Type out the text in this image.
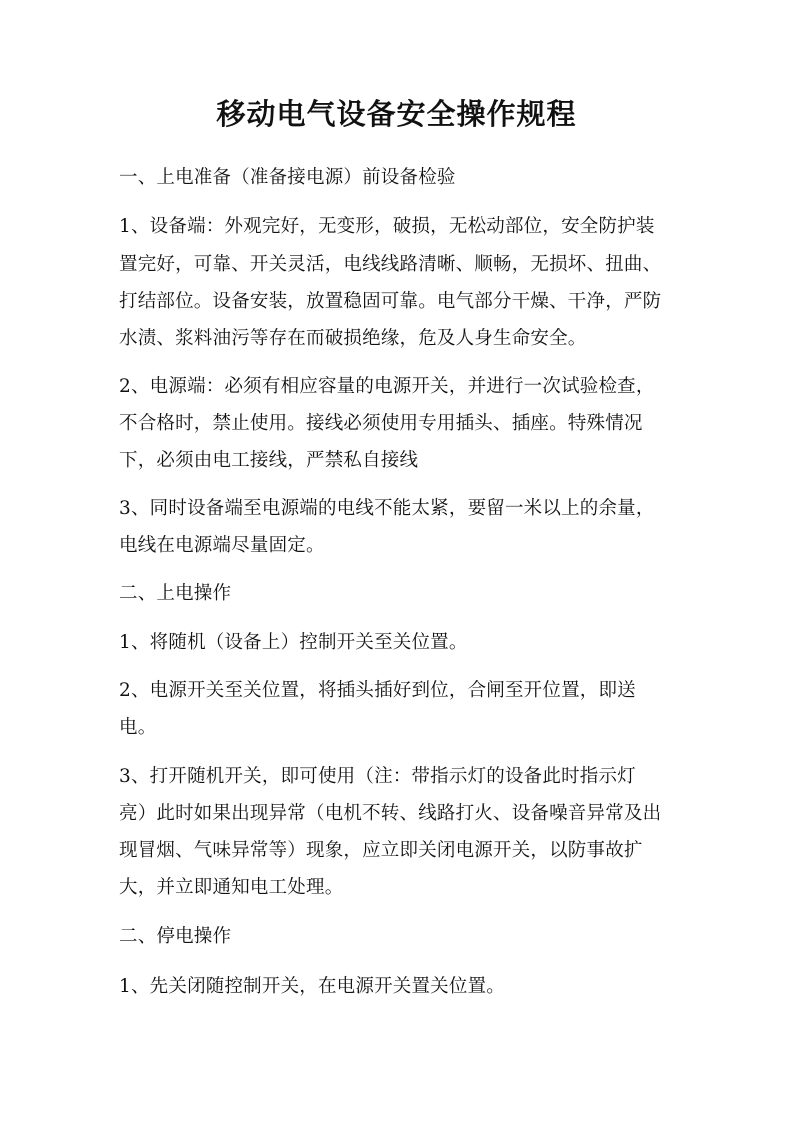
移动电气设备安全操作规程
一、上电准备（准备接电源）前设备检验
1、设备端：外观完好，无变形，破损，无松动部位，安全防护装
置完好，可靠、开关灵活，电线线路清晰、顺畅，无损坏、扭曲、
打结部位。设备安装，放置稳固可靠。电气部分干燥、干净，严防
水渍、浆料油污等存在而破损绝缘，危及人身生命安全。
2、电源端：必须有相应容量的电源开关，并进行一次试验检查，
不合格时，禁止使用。接线必须使用专用插头、插座。特殊情况
下，必须由电工接线，严禁私自接线
3、同时设备端至电源端的电线不能太紧，要留一米以上的余量，
电线在电源端尽量固定。
二、上电操作
1、将随机（设备上）控制开关至关位置。
2、电源开关至关位置，将插头插好到位，合闸至开位置，即送
电。
3、打开随机开关，即可使用（注：带指示灯的设备此时指示灯
亮）此时如果出现异常（电机不转、线路打火、设备噪音异常及出
现冒烟、气味异常等）现象，应立即关闭电源开关，以防事故扩
大，并立即通知电工处理。
二、停电操作
1、先关闭随控制开关，在电源开关置关位置。
